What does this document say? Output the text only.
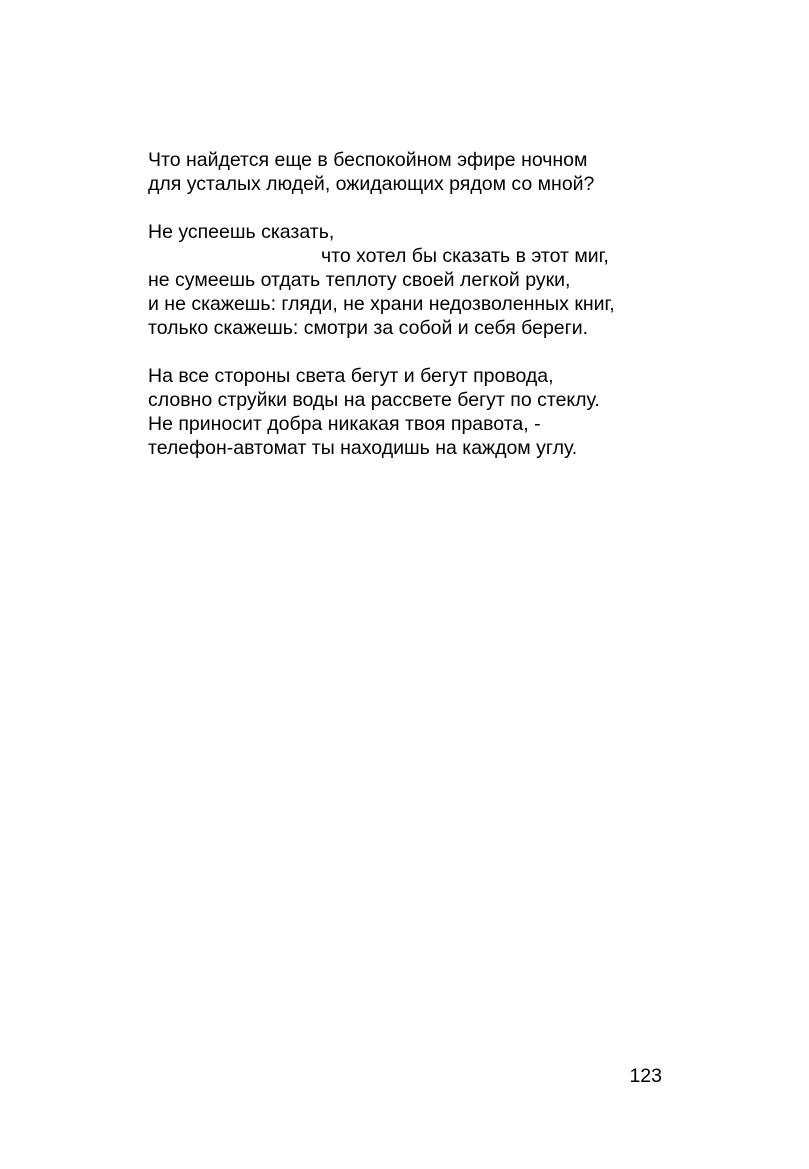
Что найдется еще в беспокойном эфире ночном
для усталых людей, ожидающих рядом со мной?
Не успеешь сказать,
что хотел бы сказать в этот миг,
не сумеешь отдать теплоту своей легкой руки,
и не скажешь: гляди, не храни недозволенных книг,
только скажешь: смотри за собой и себя береги.
На все стороны света бегут и бегут провода,
словно струйки воды на рассвете бегут по стеклу.
Не приносит добра никакая твоя правота, -
телефон-автомат ты находишь на каждом углу.
123
